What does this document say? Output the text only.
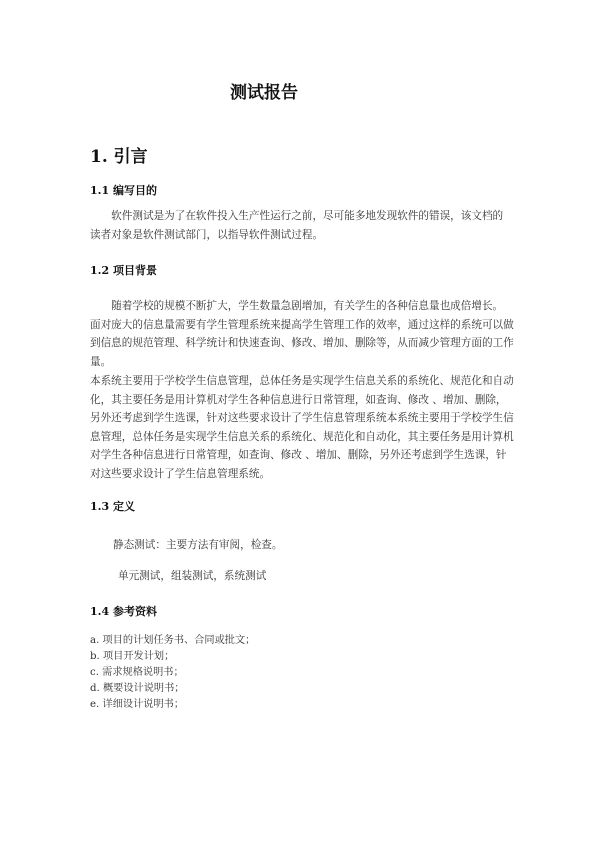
测试报告
1. 引言
1.1 编写目的
　　软件测试是为了在软件投入生产性运行之前，尽可能多地发现软件的错误，该文档的
读者对象是软件测试部门，以指导软件测试过程。
1.2 项目背景
　　随着学校的规模不断扩大，学生数量急剧增加，有关学生的各种信息量也成倍增长。
面对庞大的信息量需要有学生管理系统来提高学生管理工作的效率，通过这样的系统可以做
到信息的规范管理、科学统计和快速查询、修改、增加、删除等，从而减少管理方面的工作
量。
本系统主要用于学校学生信息管理，总体任务是实现学生信息关系的系统化、规范化和自动
化，其主要任务是用计算机对学生各种信息进行日常管理，如查询、修改 、增加、删除，
另外还考虑到学生选课，针对这些要求设计了学生信息管理系统本系统主要用于学校学生信
息管理，总体任务是实现学生信息关系的系统化、规范化和自动化，其主要任务是用计算机
对学生各种信息进行日常管理，如查询、修改 、增加、删除，另外还考虑到学生选课，针
对这些要求设计了学生信息管理系统。
1.3 定义
静态测试：主要方法有审阅，检查。
单元测试，组装测试，系统测试
1.4 参考资料
a. 项目的计划任务书、合同或批文；
b. 项目开发计划；
c. 需求规格说明书；
d. 概要设计说明书；
e. 详细设计说明书；
